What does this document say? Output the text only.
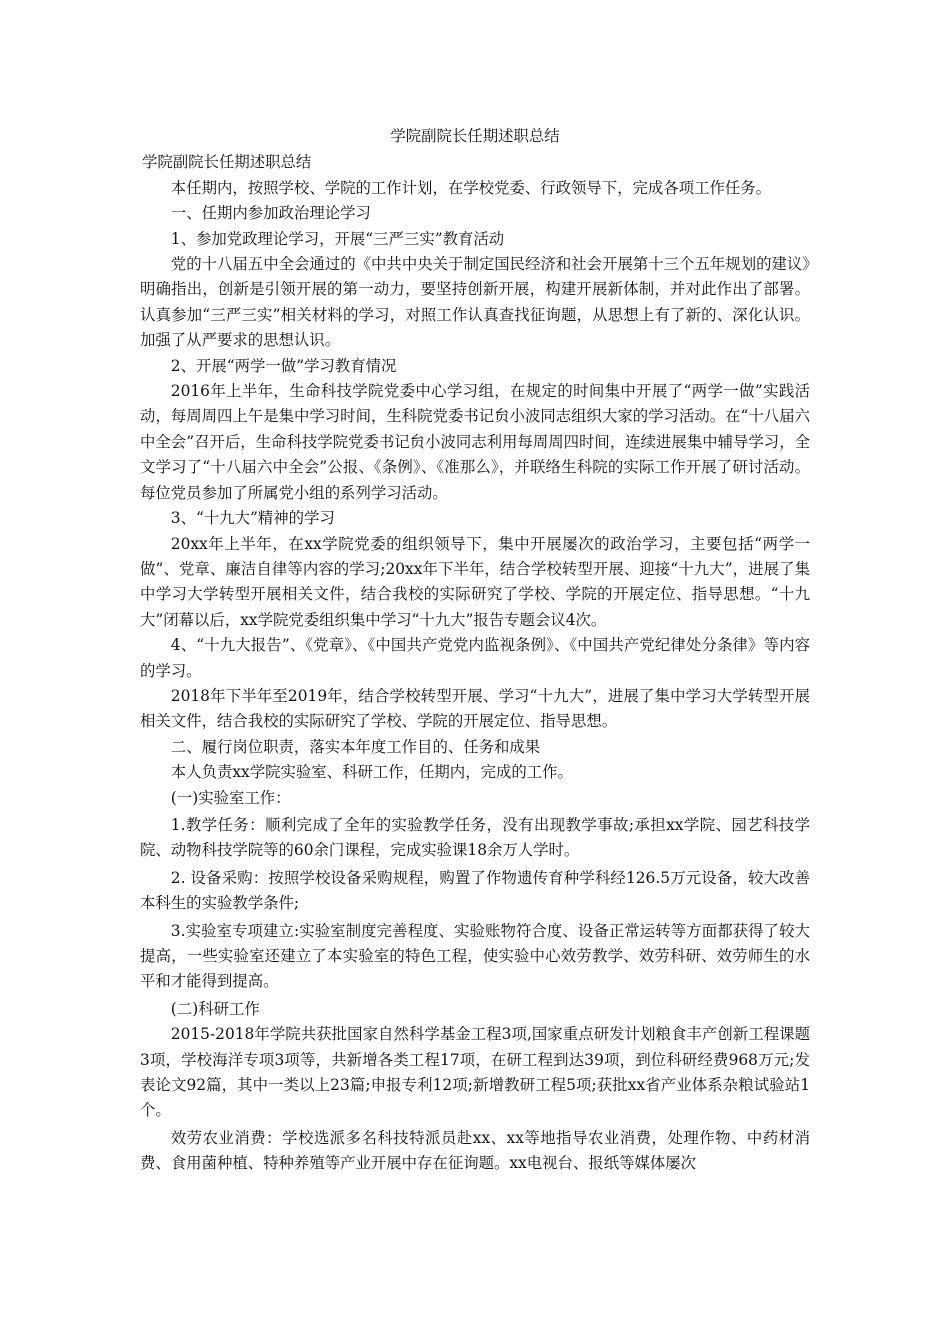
学院副院长任期述职总结
学院副院长任期述职总结

本任期内，按照学校、学院的工作计划，在学校党委、行政领导下，完成各项工作任务。

一、任期内参加政治理论学习

1、参加党政理论学习，开展“三严三实”教育活动

党的十八届五中全会通过的《中共中央关于制定国民经济和社会开展第十三个五年规划的建议》明确指出，创新是引领开展的第一动力，要坚持创新开展，构建开展新体制，并对此作出了部署。认真参加“三严三实”相关材料的学习，对照工作认真查找征询题，从思想上有了新的、深化认识。加强了从严要求的思想认识。

2、开展“两学一做”学习教育情况

2016年上半年，生命科技学院党委中心学习组，在规定的时间集中开展了“两学一做”实践活动，每周周四上午是集中学习时间，生科院党委书记贠小波同志组织大家的学习活动。在“十八届六中全会”召开后，生命科技学院党委书记贠小波同志利用每周周四时间，连续进展集中辅导学习，全文学习了“十八届六中全会”公报、《条例》、《准那么》，并联络生科院的实际工作开展了研讨活动。每位党员参加了所属党小组的系列学习活动。

3、“十九大”精神的学习

20xx年上半年，在xx学院党委的组织领导下，集中开展屡次的政治学习，主要包括“两学一做”、党章、廉洁自律等内容的学习;20xx年下半年，结合学校转型开展、迎接“十九大”，进展了集中学习大学转型开展相关文件，结合我校的实际研究了学校、学院的开展定位、指导思想。“十九大”闭幕以后，xx学院党委组织集中学习“十九大”报告专题会议4次。

4、“十九大报告”、《党章》、《中国共产党党内监视条例》、《中国共产党纪律处分条律》等内容的学习。

2018年下半年至2019年，结合学校转型开展、学习“十九大”，进展了集中学习大学转型开展相关文件，结合我校的实际研究了学校、学院的开展定位、指导思想。

二、履行岗位职责，落实本年度工作目的、任务和成果

本人负责xx学院实验室、科研工作，任期内，完成的工作。

(一)实验室工作：

1.教学任务：顺利完成了全年的实验教学任务，没有出现教学事故;承担xx学院、园艺科技学院、动物科技学院等的60余门课程，完成实验课18余万人学时。

2. 设备采购：按照学校设备采购规程，购置了作物遗传育种学科经126.5万元设备，较大改善本科生的实验教学条件;

3.实验室专项建立:实验室制度完善程度、实验账物符合度、设备正常运转等方面都获得了较大提高，一些实验室还建立了本实验室的特色工程，使实验中心效劳教学、效劳科研、效劳师生的水平和才能得到提高。

(二)科研工作

2015-2018年学院共获批国家自然科学基金工程3项,国家重点研发计划粮食丰产创新工程课题3项，学校海洋专项3项等，共新增各类工程17项，在研工程到达39项，到位科研经费968万元;发表论文92篇，其中一类以上23篇;申报专利12项;新增教研工程5项;获批xx省产业体系杂粮试验站1个。

效劳农业消费：学校选派多名科技特派员赴xx、xx等地指导农业消费，处理作物、中药材消费、食用菌种植、特种养殖等产业开展中存在征询题。xx电视台、报纸等媒体屡次
